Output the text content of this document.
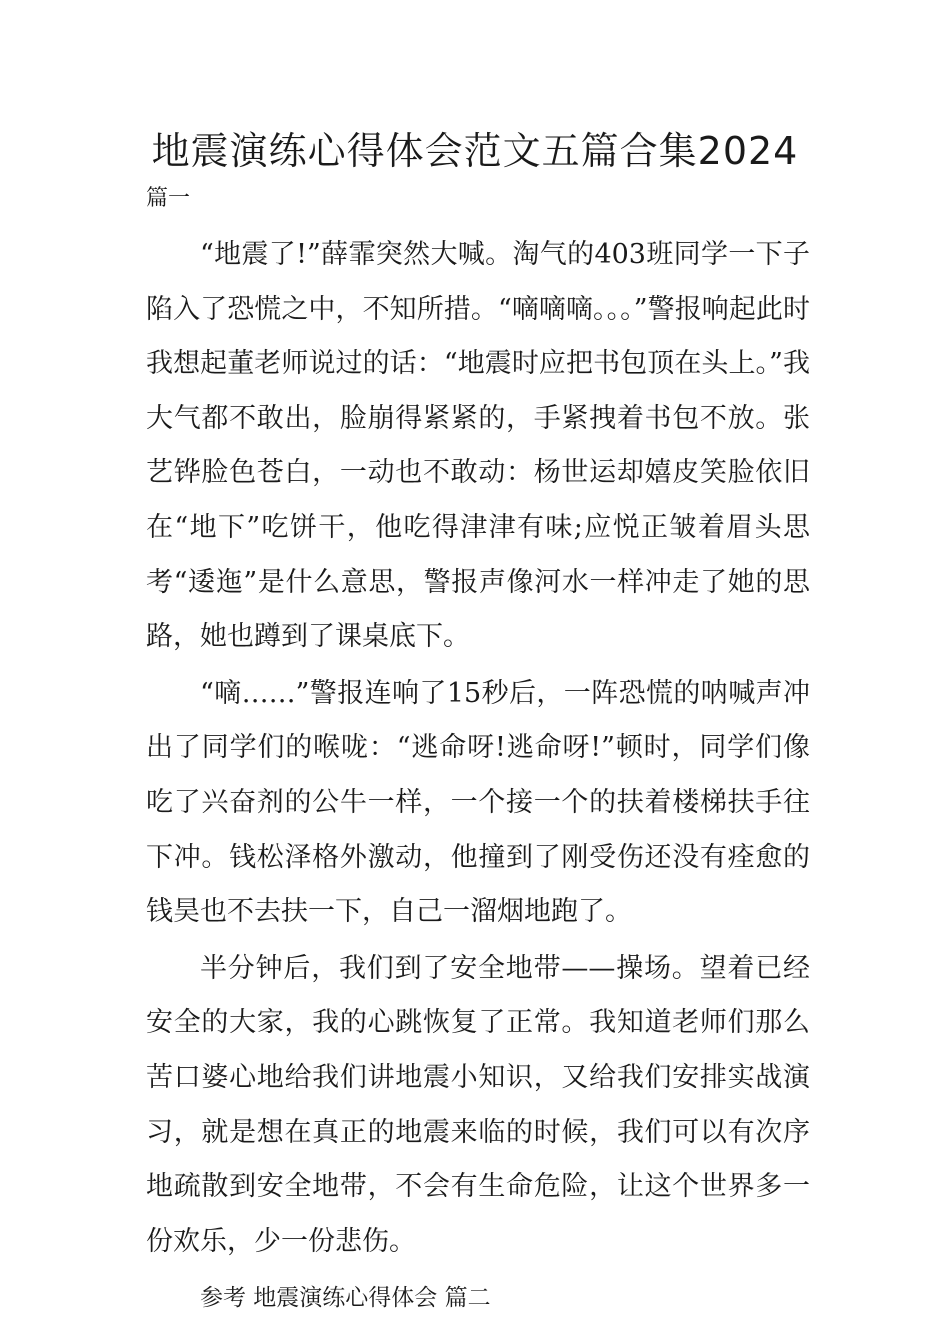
地震演练心得体会范文五篇合集2024
篇一

“地震了!”薛霏突然大喊。淘气的403班同学一下子陷入了恐慌之中，不知所措。“嘀嘀嘀。。。”警报响起此时我想起董老师说过的话：“地震时应把书包顶在头上。”我大气都不敢出，脸崩得紧紧的，手紧拽着书包不放。张艺铧脸色苍白，一动也不敢动：杨世运却嬉皮笑脸依旧在“地下”吃饼干，他吃得津津有味;应悦正皱着眉头思考“逶迤”是什么意思，警报声像河水一样冲走了她的思路，她也蹲到了课桌底下。

“嘀……”警报连响了15秒后，一阵恐慌的呐喊声冲出了同学们的喉咙：“逃命呀!逃命呀!”顿时，同学们像吃了兴奋剂的公牛一样，一个接一个的扶着楼梯扶手往下冲。钱松泽格外激动，他撞到了刚受伤还没有痊愈的钱昊也不去扶一下，自己一溜烟地跑了。

半分钟后，我们到了安全地带——操场。望着已经安全的大家，我的心跳恢复了正常。我知道老师们那么苦口婆心地给我们讲地震小知识，又给我们安排实战演习，就是想在真正的地震来临的时候，我们可以有次序地疏散到安全地带，不会有生命危险，让这个世界多一份欢乐，少一份悲伤。

参考 地震演练心得体会 篇二
